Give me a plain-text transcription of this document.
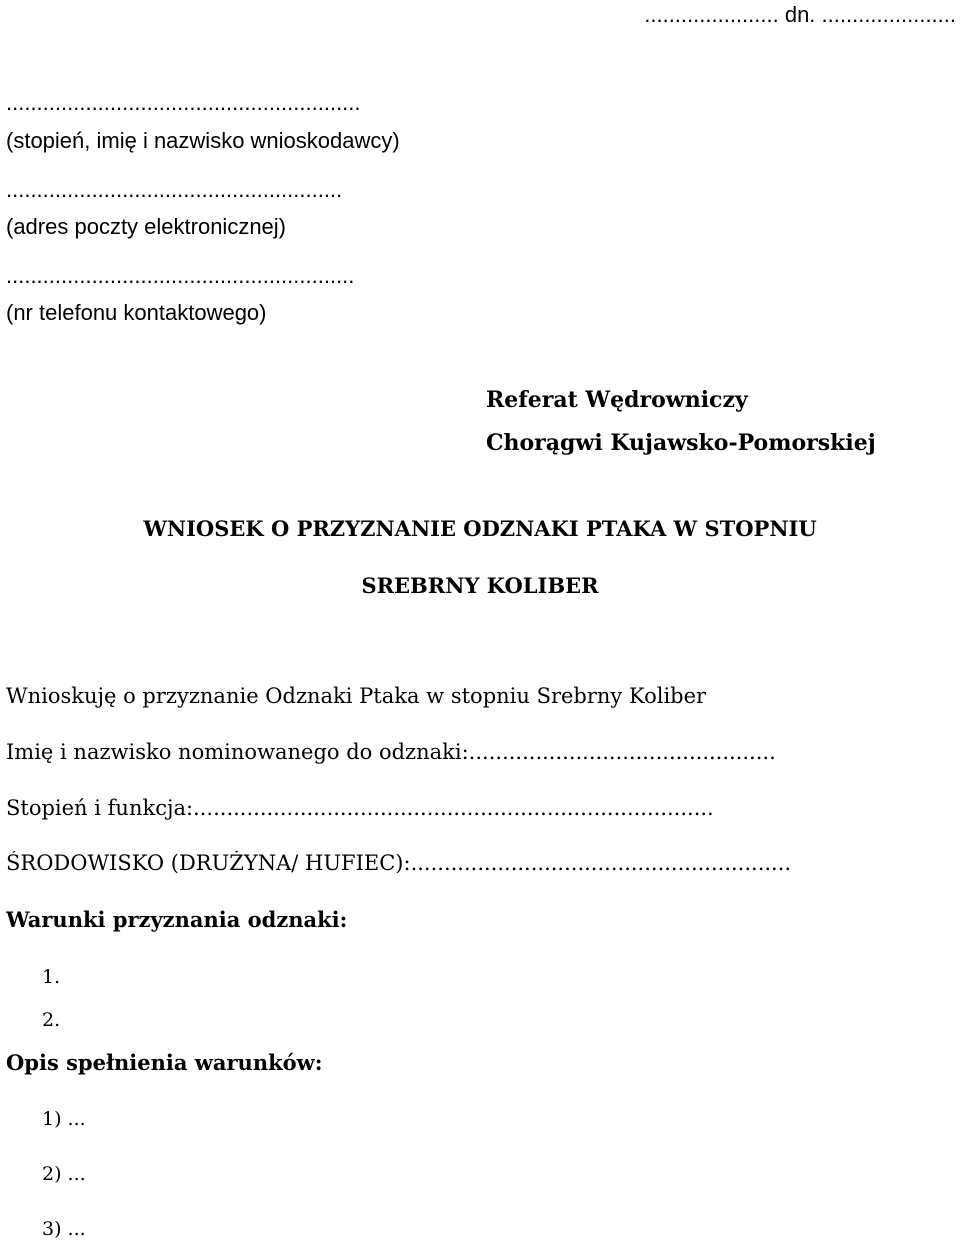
...................... dn. ......................
..........................................................
(stopień, imię i nazwisko wnioskodawcy)
.......................................................
(adres poczty elektronicznej)
.........................................................
(nr telefonu kontaktowego)
Referat Wędrowniczy
Chorągwi Kujawsko-Pomorskiej
WNIOSEK O PRZYZNANIE ODZNAKI PTAKA W STOPNIU
SREBRNY KOLIBER
Wnioskuję o przyznanie Odznaki Ptaka w stopniu Srebrny Koliber
Imię i nazwisko nominowanego do odznaki:..............................................
Stopień i funkcja:..............................................................................
ŚRODOWISKO (DRUŻYNA/ HUFIEC):.........................................................
Warunki przyznania odznaki:
1.
2.
Opis spełnienia warunków:
1) ...
2) ...
3) ...
